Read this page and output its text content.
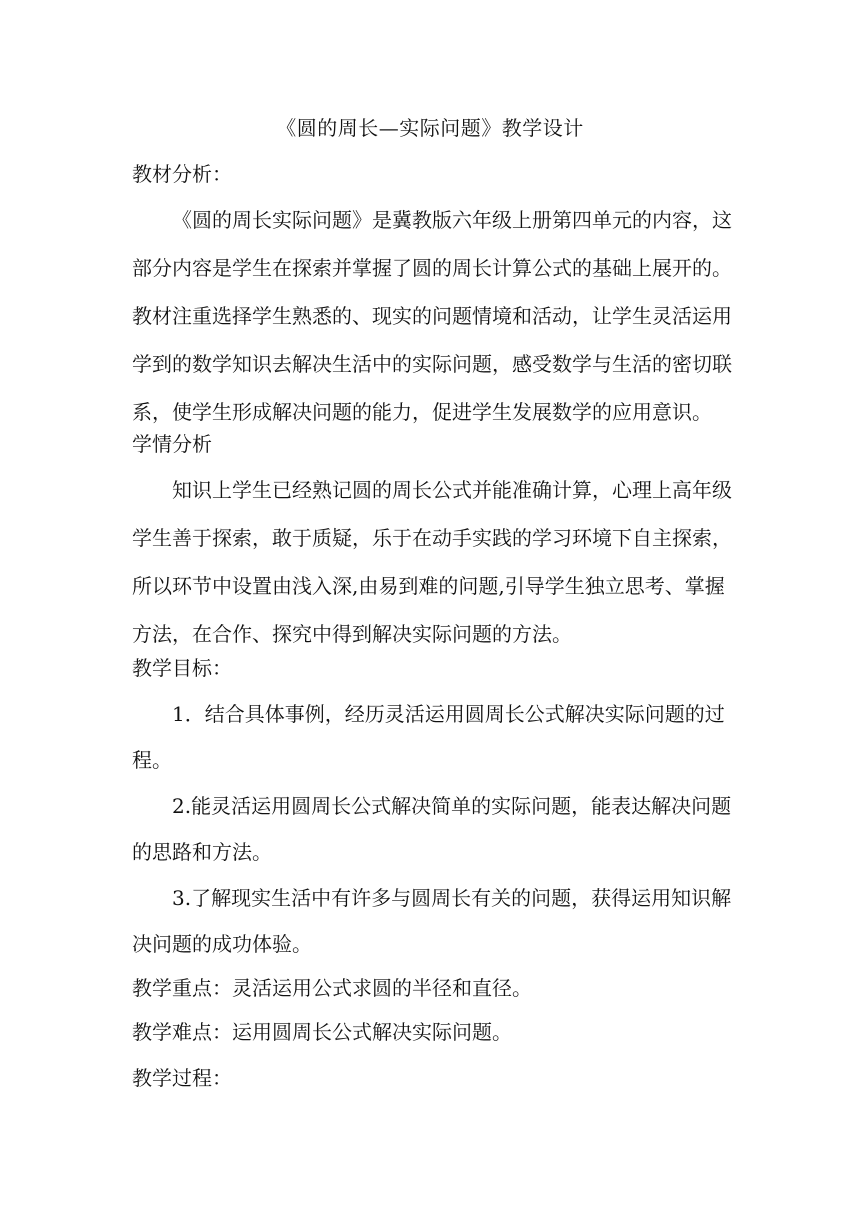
《圆的周长—实际问题》教学设计
教材分析：
《圆的周长实际问题》是冀教版六年级上册第四单元的内容，这
部分内容是学生在探索并掌握了圆的周长计算公式的基础上展开的。
教材注重选择学生熟悉的、现实的问题情境和活动，让学生灵活运用
学到的数学知识去解决生活中的实际问题，感受数学与生活的密切联
系，使学生形成解决问题的能力，促进学生发展数学的应用意识。
学情分析
知识上学生已经熟记圆的周长公式并能准确计算，心理上高年级
学生善于探索，敢于质疑，乐于在动手实践的学习环境下自主探索，
所以环节中设置由浅入深,由易到难的问题,引导学生独立思考、掌握
方法，在合作、探究中得到解决实际问题的方法。
教学目标：
1．结合具体事例，经历灵活运用圆周长公式解决实际问题的过
程。
2.能灵活运用圆周长公式解决简单的实际问题，能表达解决问题
的思路和方法。
3.了解现实生活中有许多与圆周长有关的问题，获得运用知识解
决问题的成功体验。
教学重点：灵活运用公式求圆的半径和直径。
教学难点：运用圆周长公式解决实际问题。
教学过程：
